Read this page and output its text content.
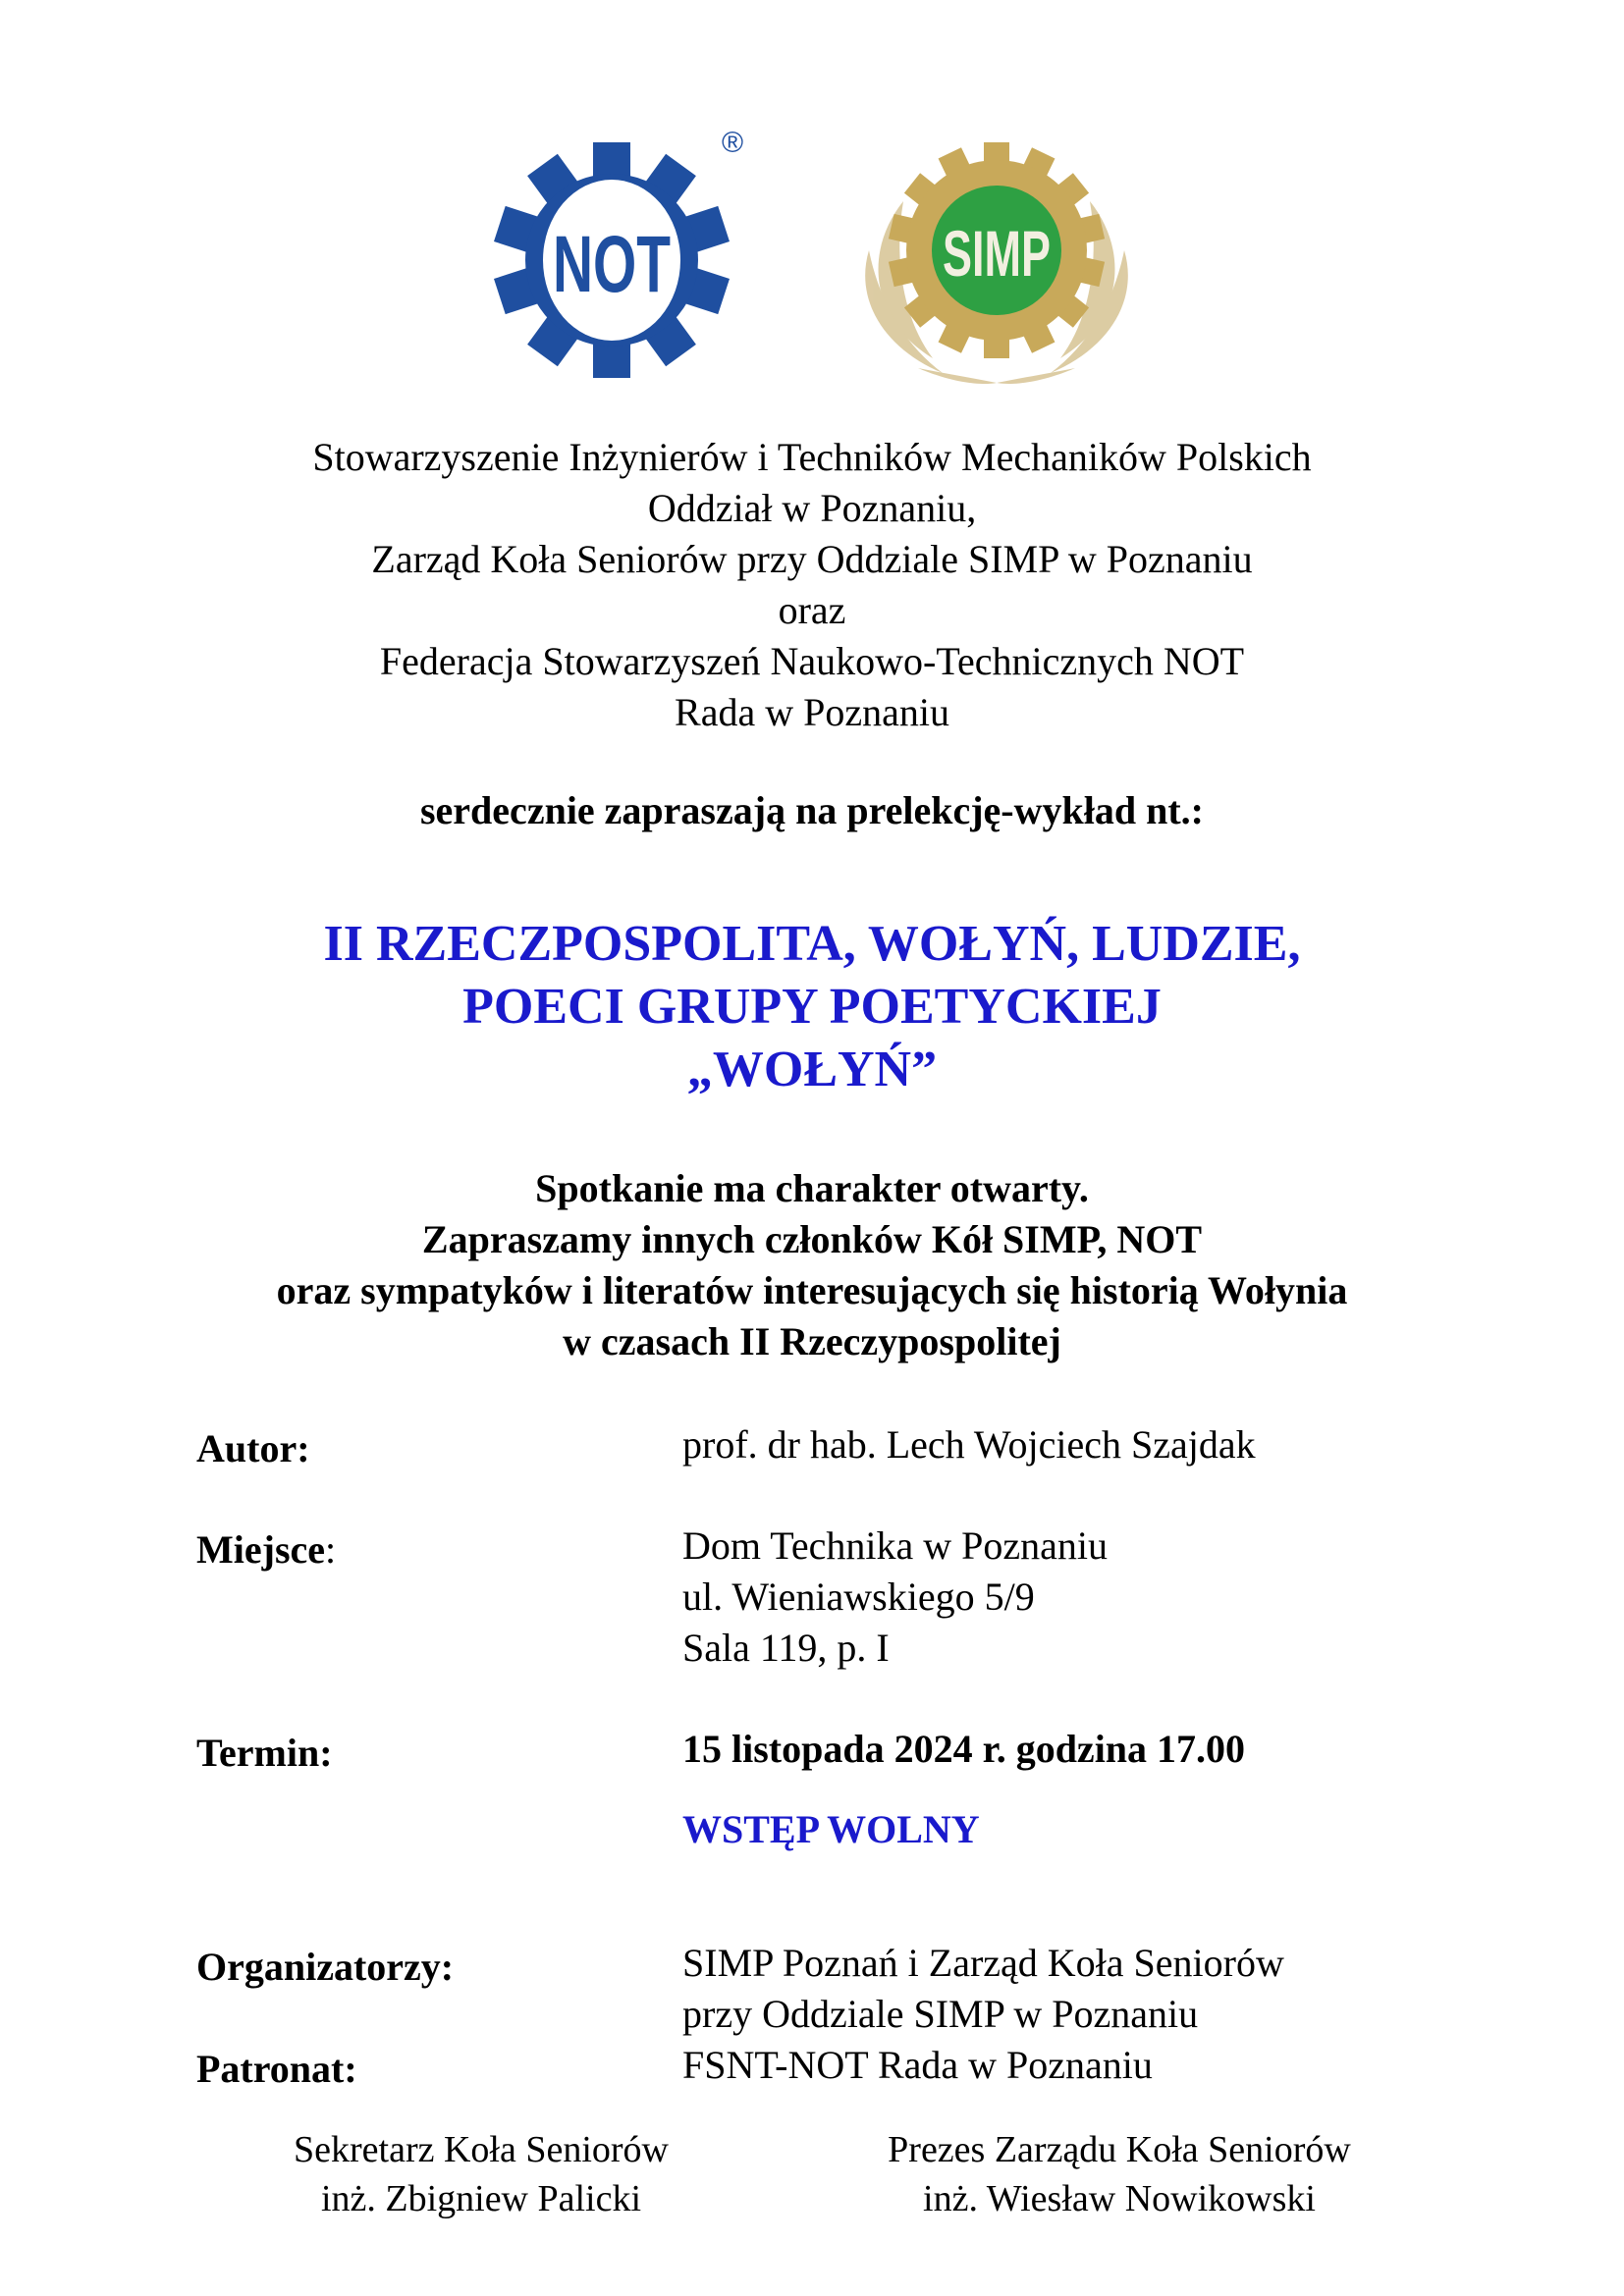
NOT
®
SIMP
Stowarzyszenie Inżynierów i Techników Mechaników Polskich
Oddział w Poznaniu,
Zarząd Koła Seniorów przy Oddziale SIMP w Poznaniu
oraz
Federacja Stowarzyszeń Naukowo-Technicznych NOT
Rada w Poznaniu
serdecznie zapraszają na prelekcję-wykład nt.:
II RZECZPOSPOLITA, WOŁYŃ, LUDZIE,
POECI GRUPY POETYCKIEJ
„WOŁYŃ”
Spotkanie ma charakter otwarty.
Zapraszamy innych członków Kół SIMP, NOT
oraz sympatyków i literatów interesujących się historią Wołynia
w czasach II Rzeczypospolitej
Autor:	prof. dr hab. Lech Wojciech Szajdak
Miejsce:	Dom Technika w Poznaniu
ul. Wieniawskiego 5/9
Sala 119, p. I
Termin:	15 listopada 2024 r. godzina 17.00
WSTĘP WOLNY
Organizatorzy:	SIMP Poznań i Zarząd Koła Seniorów
przy Oddziale SIMP w Poznaniu
Patronat:	FSNT-NOT Rada w Poznaniu
Sekretarz Koła Seniorów
inż. Zbigniew Palicki
Prezes Zarządu Koła Seniorów
inż. Wiesław Nowikowski
